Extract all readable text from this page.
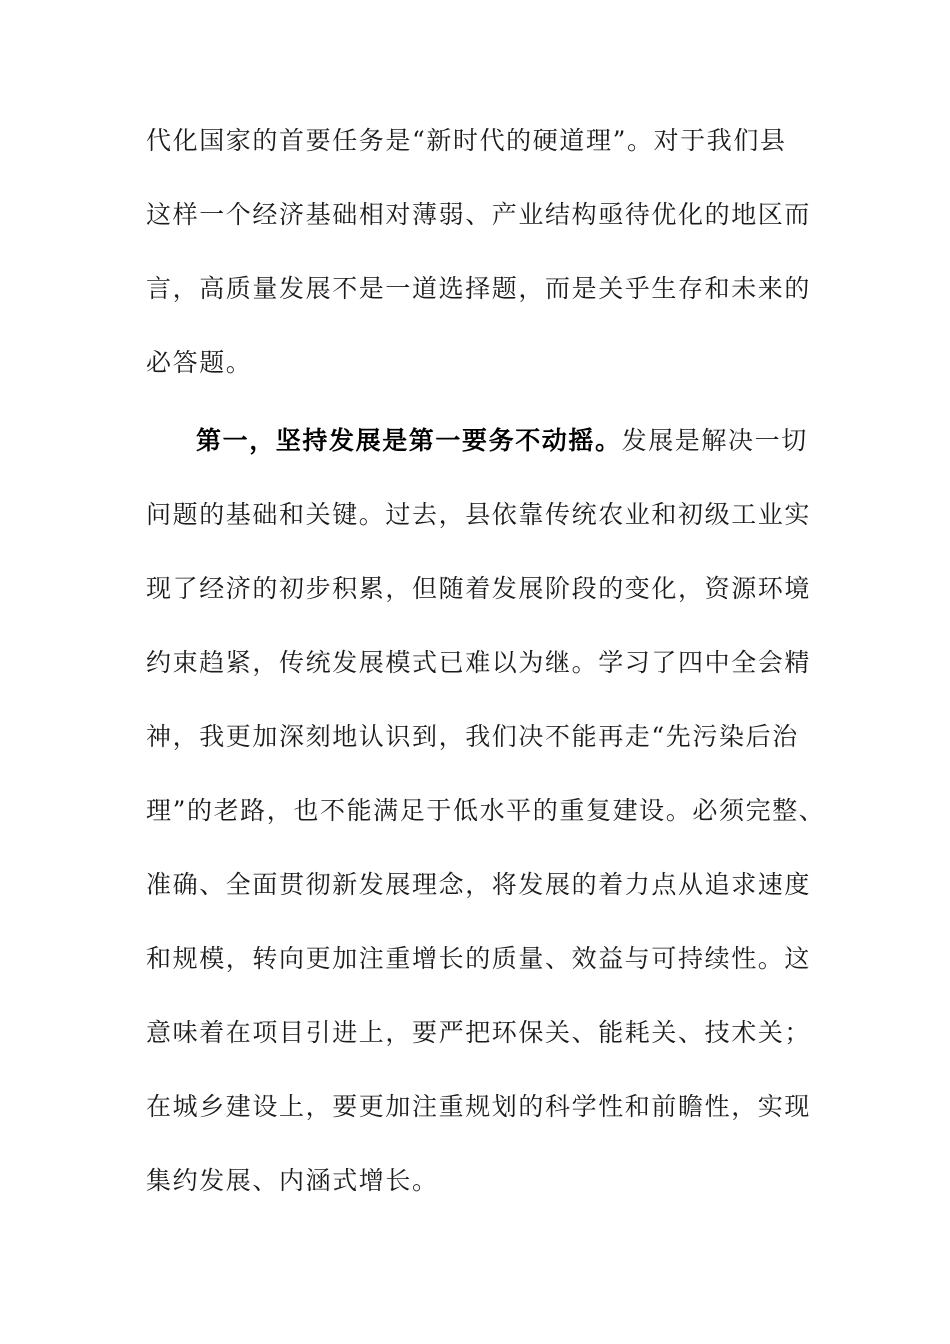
代化国家的首要任务是“新时代的硬道理”。对于我们县
这样一个经济基础相对薄弱、产业结构亟待优化的地区而
言，高质量发展不是一道选择题，而是关乎生存和未来的
必答题。
第一，坚持发展是第一要务不动摇。发展是解决一切
问题的基础和关键。过去，县依靠传统农业和初级工业实
现了经济的初步积累，但随着发展阶段的变化，资源环境
约束趋紧，传统发展模式已难以为继。学习了四中全会精
神，我更加深刻地认识到，我们决不能再走“先污染后治
理”的老路，也不能满足于低水平的重复建设。必须完整、
准确、全面贯彻新发展理念，将发展的着力点从追求速度
和规模，转向更加注重增长的质量、效益与可持续性。这
意味着在项目引进上，要严把环保关、能耗关、技术关；
在城乡建设上，要更加注重规划的科学性和前瞻性，实现
集约发展、内涵式增长。
